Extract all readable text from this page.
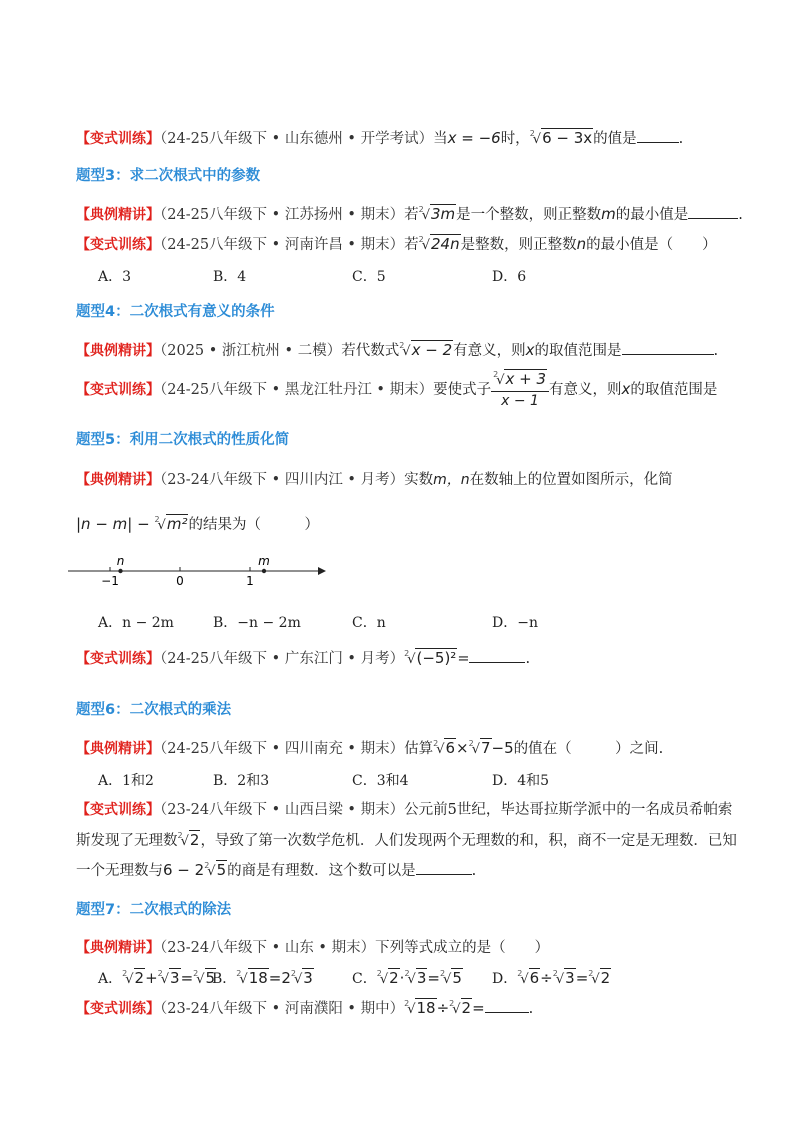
【变式训练】（24-25八年级下 • 山东德州 • 开学考试）当x = −6时，$^2$√6 − 3x的值是	.
题型3：求二次根式中的参数
【典例精讲】（24-25八年级下 • 江苏扬州 • 期末）若$^2$√3m是一个整数，则正整数m的最小值是	.
【变式训练】（24-25八年级下 • 河南许昌 • 期末）若$^2$√24n是整数，则正整数n的最小值是（　　）
A．3	B．4	C．5	D．6
题型4：二次根式有意义的条件
【典例精讲】（2025 • 浙江杭州 • 二模）若代数式$^2$√x − 2有意义，则x的取值范围是	.
【变式训练】（24-25八年级下 • 黑龙江牡丹江 • 期末）要使式子 $\frac{^2√x + 3}{x - 1}$ 有意义，则x的取值范围是
题型5：利用二次根式的性质化简
【典例精讲】（23-24八年级下 • 四川内江 • 月考）实数m，n在数轴上的位置如图所示，化简
|n − m| − $^2$√m²的结果为（　　　）
−1	0	1
n	m
A．n − 2m	B．−n − 2m	C．n	D．−n
【变式训练】（24-25八年级下 • 广东江门 • 月考）$^2$√(−5)²=	.
题型6：二次根式的乘法
【典例精讲】（24-25八年级下 • 四川南充 • 期末）估算$^2$√6×$^2$√7−5的值在（　　　）之间.
A．1和2	B．2和3	C．3和4	D．4和5
【变式训练】（23-24八年级下 • 山西吕梁 • 期末）公元前5世纪，毕达哥拉斯学派中的一名成员希帕索
斯发现了无理数$^2$√2，导致了第一次数学危机．人们发现两个无理数的和，积，商不一定是无理数．已知
一个无理数与$6 - 2^2√5$的商是有理数．这个数可以是	.
题型7：二次根式的除法
【典例精讲】（23-24八年级下 • 山东 • 期末）下列等式成立的是（　　）
A．$^2$√2+$^2$√3=$^2$√5
B．$^2√18=2^2√3$	C．$^2$√2·$^2$√3=$^2$√5 D．$^2$√6÷$^2$√3=$^2$√2
【变式训练】（23-24八年级下 • 河南濮阳 • 期中）$^2$√18÷$^2$√2=	.
